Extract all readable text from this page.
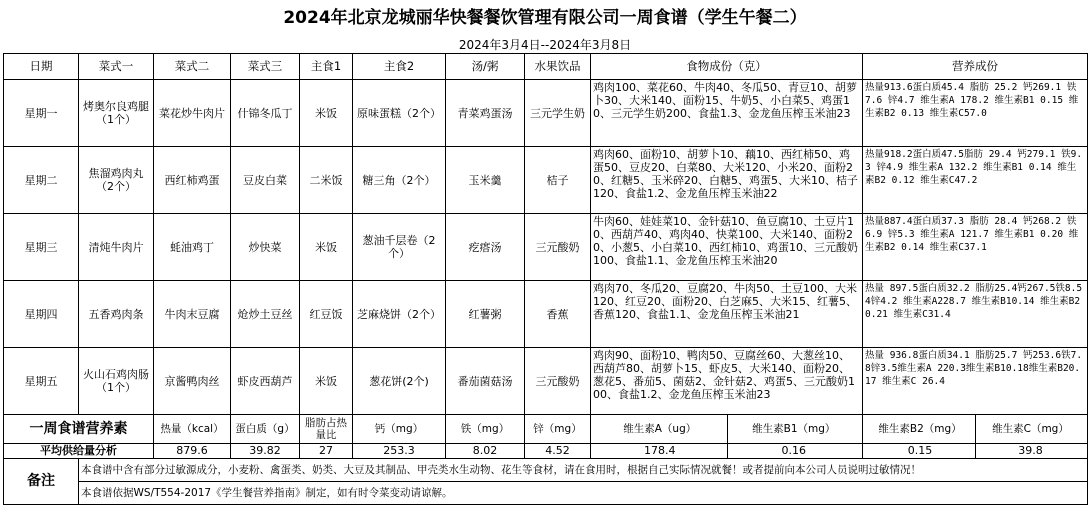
2024年北京龙城丽华快餐餐饮管理有限公司一周食谱（学生午餐二）
2024年3月4日--2024年3月8日
日期	菜式一	菜式二	菜式三	主食1	主食2	汤/粥	水果饮品	食物成份（克）	营养成份
星期一	烤奥尔良鸡腿（1个）	菜花炒牛肉片	什锦冬瓜丁	米饭	原味蛋糕（2个）	青菜鸡蛋汤	三元学生奶	鸡肉100、菜花60、牛肉40、冬瓜50、青豆10、胡萝卜30、大米140、面粉15、牛奶5、小白菜5、鸡蛋10、三元学生奶200、食盐1.3、金龙鱼压榨玉米油23	热量913.6蛋白质45.4 脂肪 25.2 钙269.1 铁7.6 锌4.7 维生素A 178.2 维生素B1 0.15 维生素B2 0.13 维生素C57.0
星期二	焦溜鸡肉丸（2个）	西红柿鸡蛋	豆皮白菜	二米饭	糖三角（2个）	玉米羹	桔子	鸡肉60、面粉10、胡萝卜10、藕10、西红柿50、鸡蛋50、豆皮20、白菜80、大米120、小米20、面粉20、红糖5、玉米碎20、白糖5、鸡蛋5、大米10、桔子120、食盐1.2、金龙鱼压榨玉米油22	热量918.2蛋白质47.5脂肪 29.4 钙279.1 铁9.3 锌4.9 维生素A 132.2 维生素B1 0.14 维生素B2 0.12 维生素C47.2
星期三	清炖牛肉片	蚝油鸡丁	炒快菜	米饭	葱油千层卷（2个）	疙瘩汤	三元酸奶	牛肉60、娃娃菜10、金针菇10、鱼豆腐10、土豆片10、西葫芦40、鸡肉40、快菜100、大米140、面粉20、小葱5、小白菜10、西红柿10、鸡蛋10、三元酸奶100、食盐1.1、金龙鱼压榨玉米油20	热量887.4蛋白质37.3 脂肪 28.4 钙268.2 铁6.9 锌5.3 维生素A 121.7 维生素B1 0.20 维生素B2 0.14 维生素C37.1
星期四	五香鸡肉条	牛肉末豆腐	炝炒土豆丝	红豆饭	芝麻烧饼（2个）	红薯粥	香蕉	鸡肉70、冬瓜20、豆腐20、牛肉50、土豆100、大米120、红豆20、面粉20、白芝麻5、大米15、红薯5、香蕉120、食盐1.1、金龙鱼压榨玉米油21	热量 897.5蛋白质32.2 脂肪25.4钙267.5铁8.54锌4.2 维生素A228.7 维生素B10.14 维生素B20.21 维生素C31.4
星期五	火山石鸡肉肠（1个）	京酱鸭肉丝	虾皮西葫芦	米饭	葱花饼(2个)	番茄菌菇汤	三元酸奶	鸡肉90、面粉10、鸭肉50、豆腐丝60、大葱丝10、西葫芦80、胡萝卜15、虾皮5、大米140、面粉20、葱花5、番茄5、菌菇2、金针菇2、鸡蛋5、三元酸奶100、食盐1.2、金龙鱼压榨玉米油23	热量 936.8蛋白质34.1 脂肪25.7 钙253.6铁7.8锌3.5维生素A 220.3维生素B10.18维生素B20.17 维生素C 26.4
一周食谱营养素		热量（kcal）	蛋白质（g）	脂肪占热量比	钙（mg）	铁（mg）	锌（mg）	维生素A（ug） 维生素B1（mg）	维生素B2（mg） 维生素C（mg）

平均供给量分析		879.6	39.82	27	253.3	8.02	4.52	178.4 0.16	0.15 39.8

备注	本食谱中含有部分过敏源成分，小麦粉、禽蛋类、奶类、大豆及其制品、甲壳类水生动物、花生等食材，请在食用时，根据自己实际情况就餐！或者提前向本公司人员说明过敏情况！								
	本食谱依据WS/T554-2017《学生餐营养指南》制定，如有时令菜变动请谅解。								
